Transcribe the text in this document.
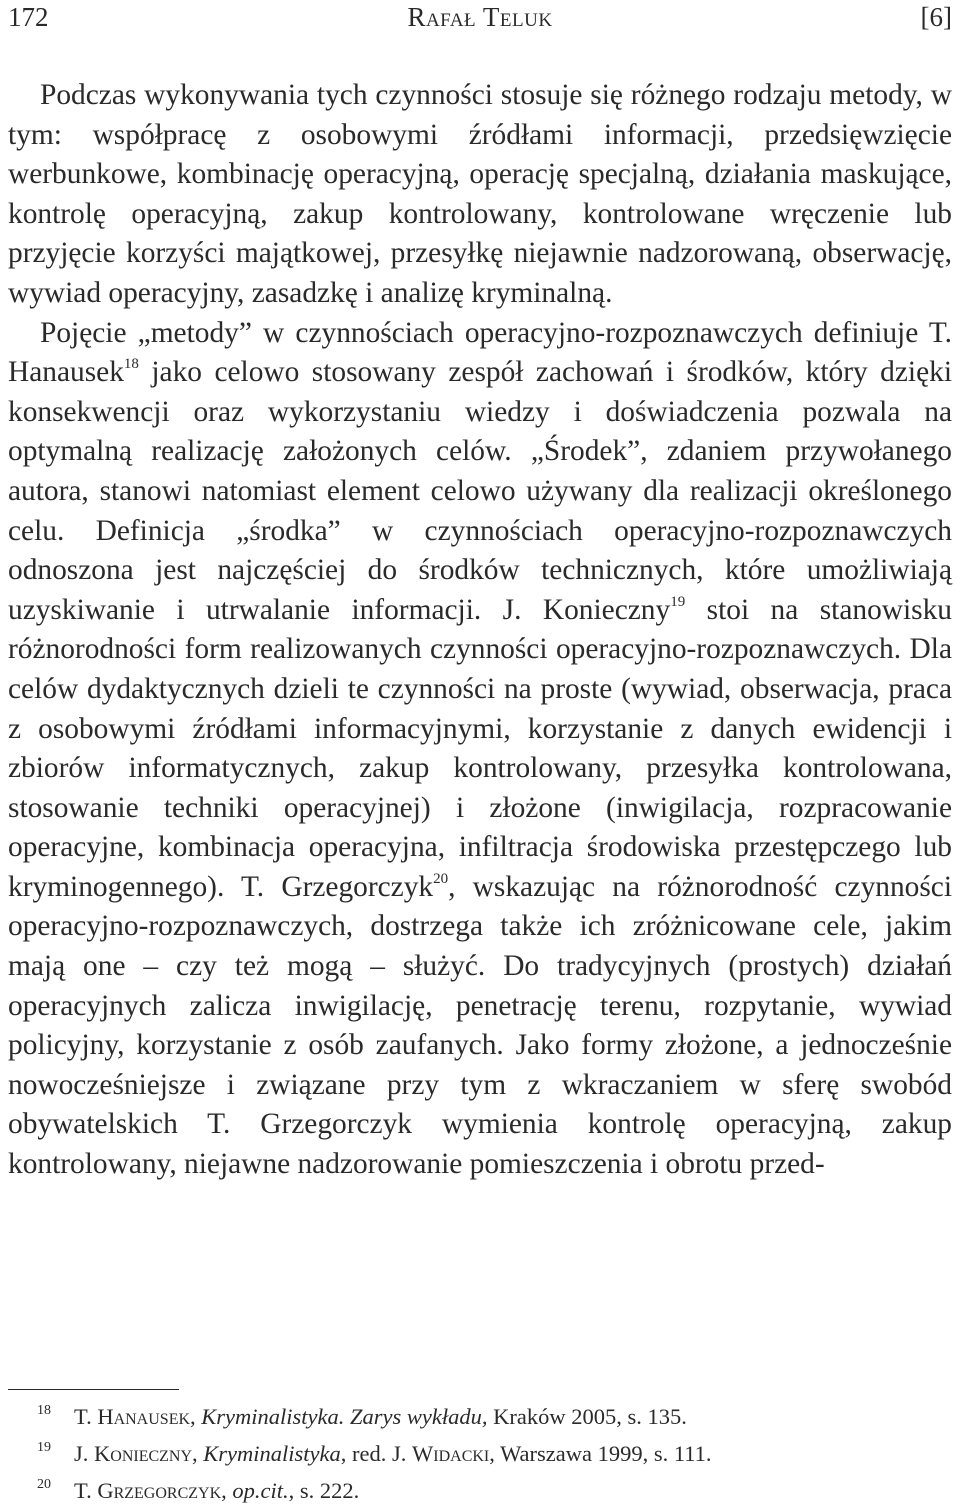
172	Rafał Teluk	[6]

Podczas wykonywania tych czynności stosuje się różnego rodzaju metody, w tym: współpracę z osobowymi źródłami informacji, przedsięwzięcie werbunkowe, kombinację operacyjną, operację specjalną, działania maskujące, kontrolę operacyjną, zakup kontrolowany, kontrolowane wręczenie lub przyjęcie korzyści majątkowej, przesyłkę niejawnie nadzorowaną, obserwację, wywiad operacyjny, zasadzkę i analizę kryminalną.

Pojęcie „metody” w czynnościach operacyjno-rozpoznawczych definiuje T. Hanausek$^{18}$ jako celowo stosowany zespół zachowań i środków, który dzięki konsekwencji oraz wykorzystaniu wiedzy i doświadczenia pozwala na optymalną realizację założonych celów. „Środek”, zdaniem przywołanego autora, stanowi natomiast element celowo używany dla realizacji określonego celu. Definicja „środka” w czynnościach operacyjno-rozpoznawczych odnoszona jest najczęściej do środków technicznych, które umożliwiają uzyskiwanie i utrwalanie informacji. J. Konieczny$^{19}$ stoi na stanowisku różnorodności form realizowanych czynności operacyjno-rozpoznawczych. Dla celów dydaktycznych dzieli te czynności na proste (wywiad, obserwacja, praca z osobowymi źródłami informacyjnymi, korzystanie z danych ewidencji i zbiorów informatycznych, zakup kontrolowany, przesyłka kontrolowana, stosowanie techniki operacyjnej) i złożone (inwigilacja, rozpracowanie operacyjne, kombinacja operacyjna, infiltracja środowiska przestępczego lub kryminogennego). T. Grzegorczyk$^{20}$, wskazując na różnorodność czynności operacyjno-rozpoznawczych, dostrzega także ich zróżnicowane cele, jakim mają one – czy też mogą – służyć. Do tradycyjnych (prostych) działań operacyjnych zalicza inwigilację, penetrację terenu, rozpytanie, wywiad policyjny, korzystanie z osób zaufanych. Jako formy złożone, a jednocześnie nowocześniejsze i związane przy tym z wkraczaniem w sferę swobód obywatelskich T. Grzegorczyk wymienia kontrolę operacyjną, zakup kontrolowany, niejawne nadzorowanie pomieszczenia i obrotu przed-

18 T. Hanausek, Kryminalistyka. Zarys wykładu, Kraków 2005, s. 135.
19 J. Konieczny, Kryminalistyka, red. J. Widacki, Warszawa 1999, s. 111.
20 T. Grzegorczyk, op.cit., s. 222.
